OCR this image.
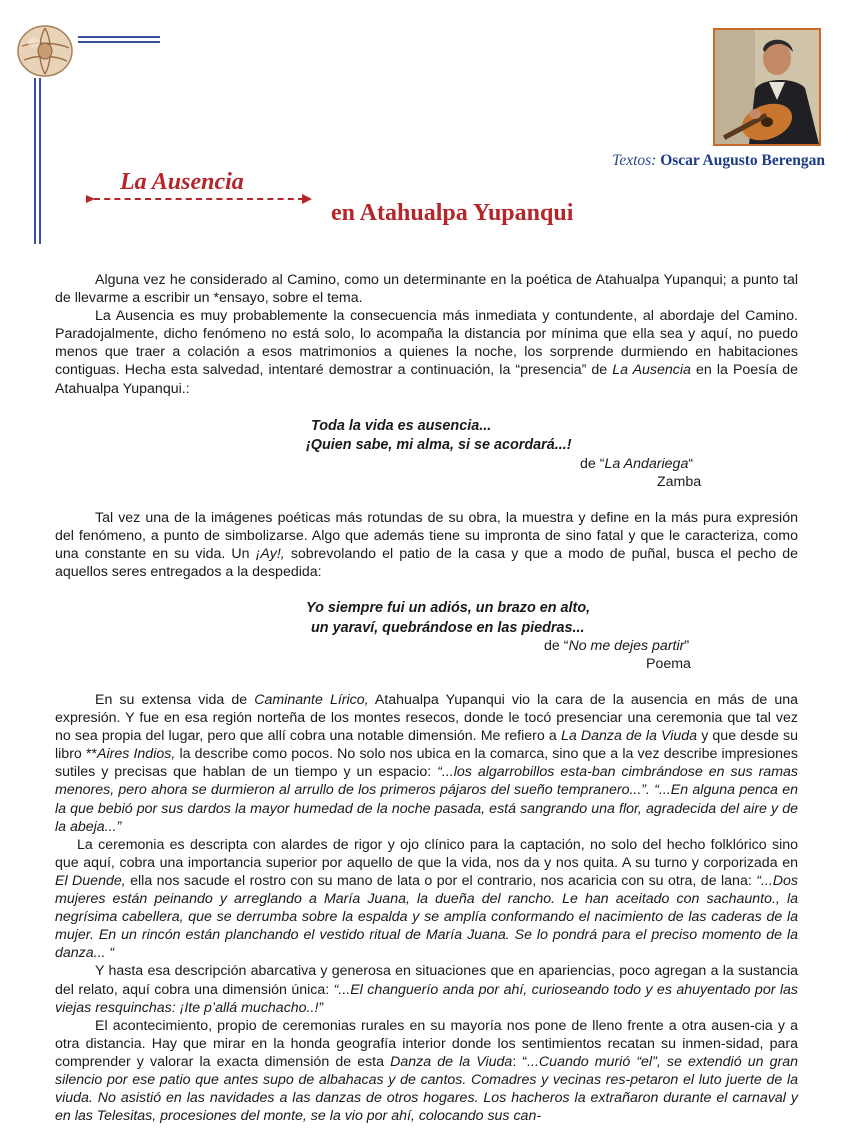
Textos: Oscar Augusto Berengan
La Ausencia
en Atahualpa Yupanqui

Alguna vez he considerado al Camino, como un determinante en la poética de Atahualpa Yupanqui; a punto tal de llevarme a escribir un *ensayo, sobre el tema.

La Ausencia es muy probablemente la consecuencia más inmediata y contundente, al abordaje del Camino. Paradojalmente, dicho fenómeno no está solo, lo acompaña la distancia por mínima que ella sea y aquí, no puedo menos que traer a colación a esos matrimonios a quienes la noche, los sorprende durmiendo en habitaciones contiguas. Hecha esta salvedad, intentaré demostrar a continuación, la “presencia” de La Ausencia en la Poesía de Atahualpa Yupanqui.:

Toda la vida es ausencia...
¡Quien sabe, mi alma, si se acordará...!
de “La Andariega“
Zamba

Tal vez una de la imágenes poéticas más rotundas de su obra, la muestra y define en la más pura expresión del fenómeno, a punto de simbolizarse. Algo que además tiene su impronta de sino fatal y que le caracteriza, como una constante en su vida. Un ¡Ay!, sobrevolando el patio de la casa y que a modo de puñal, busca el pecho de aquellos seres entregados a la despedida:

Yo siempre fui un adiós, un brazo en alto,
un yaraví, quebrándose en las piedras...
de “No me dejes partir”
Poema

En su extensa vida de Caminante Lírico, Atahualpa Yupanqui vio la cara de la ausencia en más de una expresión. Y fue en esa región norteña de los montes resecos, donde le tocó presenciar una ceremonia que tal vez no sea propia del lugar, pero que allí cobra una notable dimensión. Me refiero a La Danza de la Viuda y que desde su libro **Aires Indios, la describe como pocos. No solo nos ubica en la comarca, sino que a la vez describe impresiones sutiles y precisas que hablan de un tiempo y un espacio: “...los algarrobillos esta-ban cimbrándose en sus ramas menores, pero ahora se durmieron al arrullo de los primeros pájaros del sueño tempranero...”. “...En alguna penca en la que bebió por sus dardos la mayor humedad de la noche pasada, está sangrando una flor, agradecida del aire y de la abeja...”

La ceremonia es descripta con alardes de rigor y ojo clínico para la captación, no solo del hecho folklórico sino que aquí, cobra una importancia superior por aquello de que la vida, nos da y nos quita. A su turno y corporizada en El Duende, ella nos sacude el rostro con su mano de lata o por el contrario, nos acaricia con su otra, de lana: “...Dos mujeres están peinando y arreglando a María Juana, la dueña del rancho. Le han aceitado con sachaunto., la negrísima cabellera, que se derrumba sobre la espalda y se amplía conformando el nacimiento de las caderas de la mujer. En un rincón están planchando el vestido ritual de María Juana. Se lo pondrá para el preciso momento de la danza... “

Y hasta esa descripción abarcativa y generosa en situaciones que en apariencias, poco agregan a la sustancia del relato, aquí cobra una dimensión única: “...El changuerío anda por ahí, curioseando todo y es ahuyentado por las viejas resquinchas: ¡Ite p’allá muchacho..!”

El acontecimiento, propio de ceremonias rurales en su mayoría nos pone de lleno frente a otra ausen-cia y a otra distancia. Hay que mirar en la honda geografía interior donde los sentimientos recatan su inmen-sidad, para comprender y valorar la exacta dimensión de esta Danza de la Viuda: “...Cuando murió “el”, se extendió un gran silencio por ese patio que antes supo de albahacas y de cantos. Comadres y vecinas res-petaron el luto juerte de la viuda. No asistió en las navidades a las danzas de otros hogares. Los hacheros la extrañaron durante el carnaval y en las Telesitas, procesiones del monte, se la vio por ahí, colocando sus can-
